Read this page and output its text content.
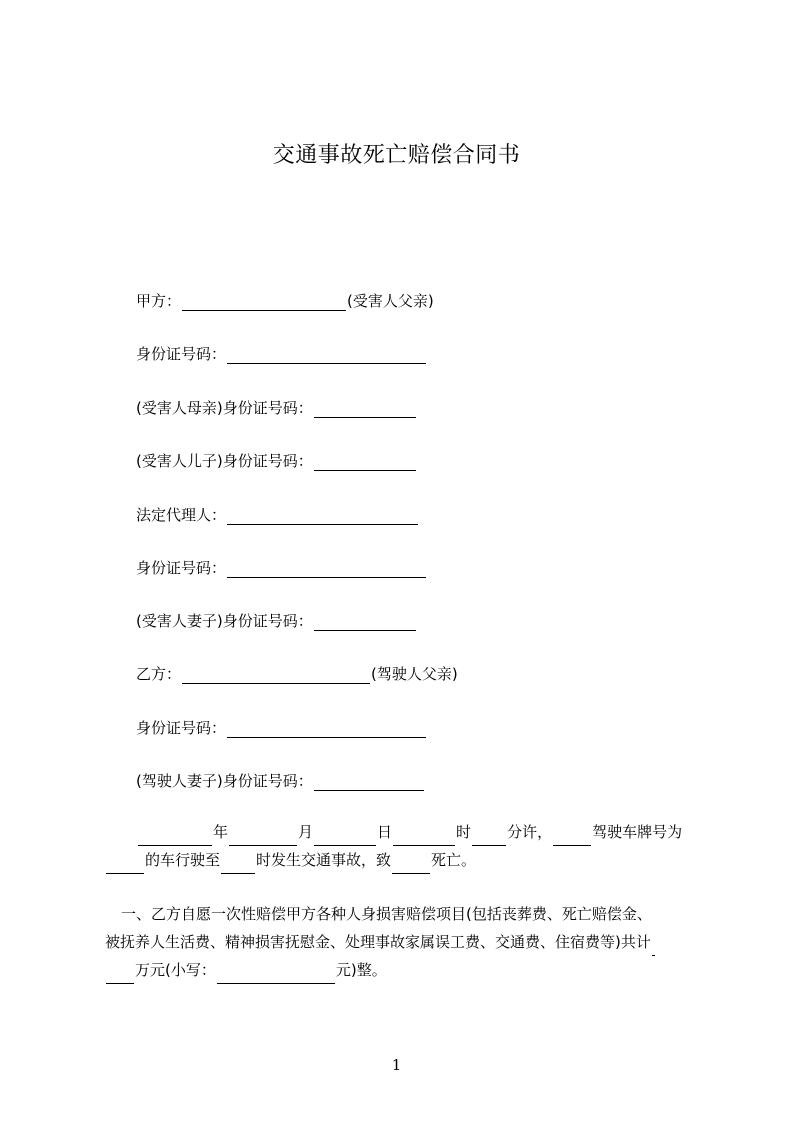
交通事故死亡赔偿合同书
甲方：	(受害人父亲)
身份证号码：
(受害人母亲)身份证号码：
(受害人儿子)身份证号码：
法定代理人：
身份证号码：
(受害人妻子)身份证号码：
乙方：	(驾驶人父亲)
身份证号码：
(驾驶人妻子)身份证号码：
年	月	日	时 分许，	驾驶车牌号为
的车行驶至 时发生交通事故，致	死亡。
一、乙方自愿一次性赔偿甲方各种人身损害赔偿项目(包括丧葬费、死亡赔偿金、
被抚养人生活费、精神损害抚慰金、处理事故家属误工费、交通费、住宿费等)共计
万元(小写：	元)整。
1
